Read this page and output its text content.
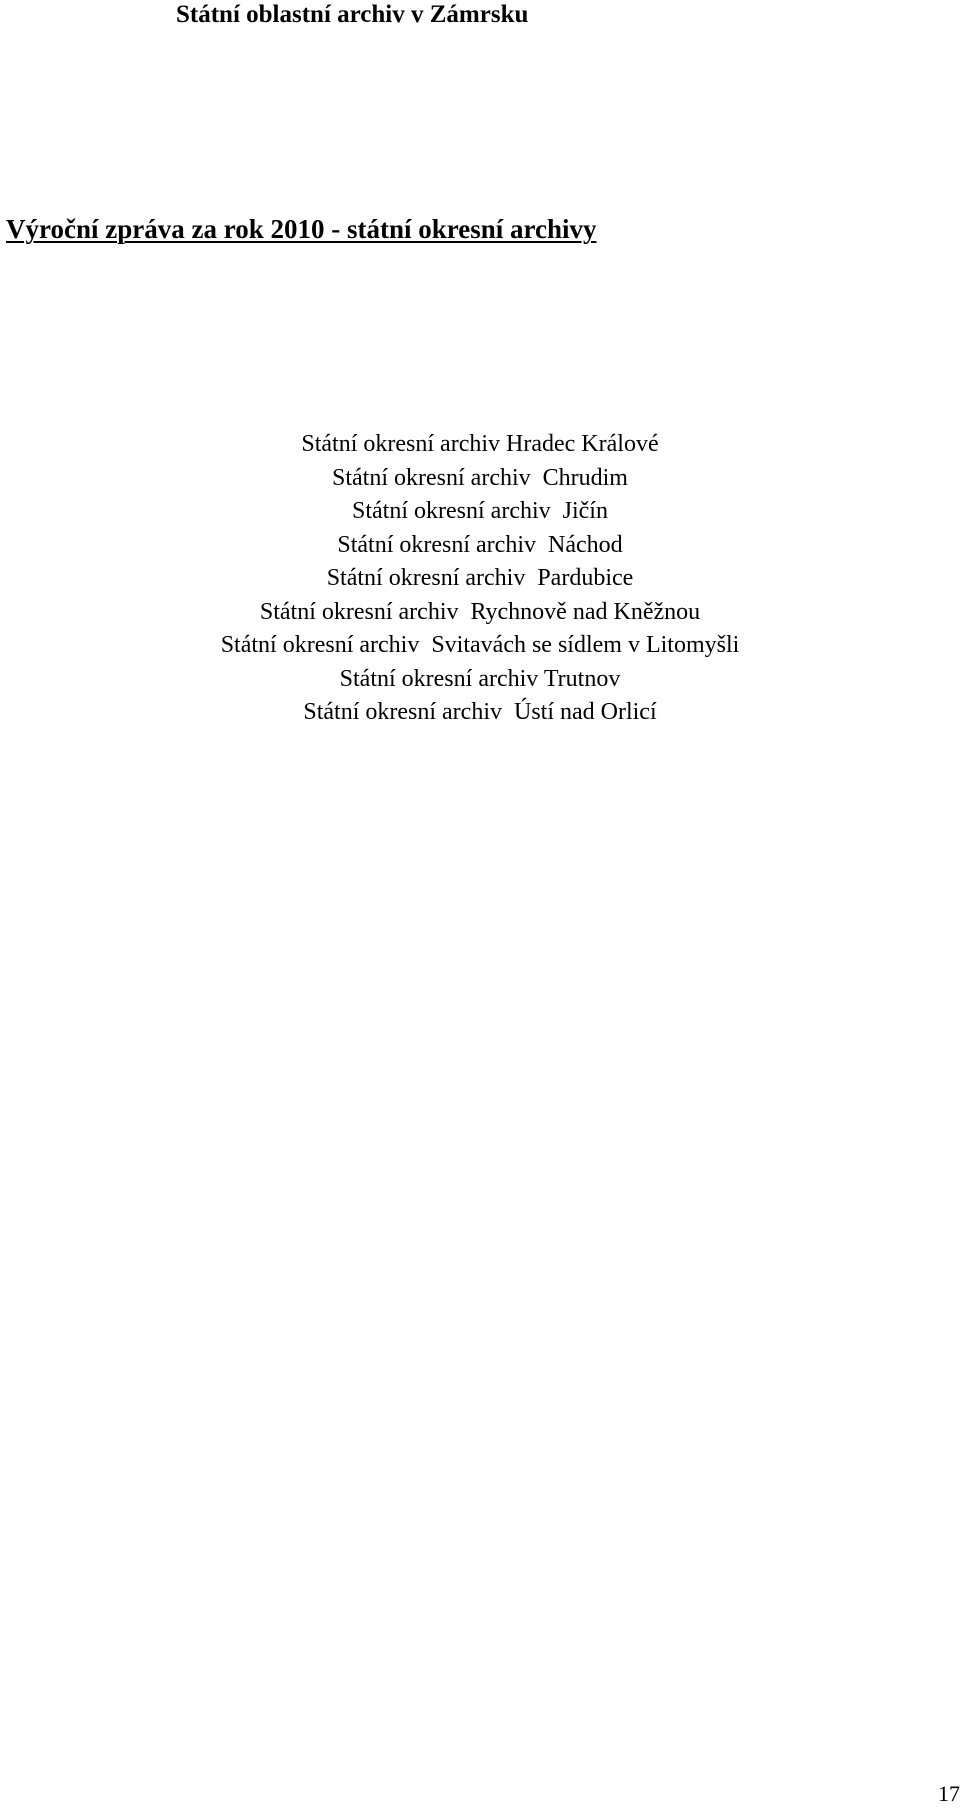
Státní oblastní archiv v Zámrsku
Výroční zpráva za rok 2010 - státní okresní archivy
Státní okresní archiv Hradec Králové
Státní okresní archiv  Chrudim
Státní okresní archiv  Jičín
Státní okresní archiv  Náchod
Státní okresní archiv  Pardubice
Státní okresní archiv  Rychnově nad Kněžnou
Státní okresní archiv  Svitavách se sídlem v Litomyšli
Státní okresní archiv Trutnov
Státní okresní archiv  Ústí nad Orlicí
17
